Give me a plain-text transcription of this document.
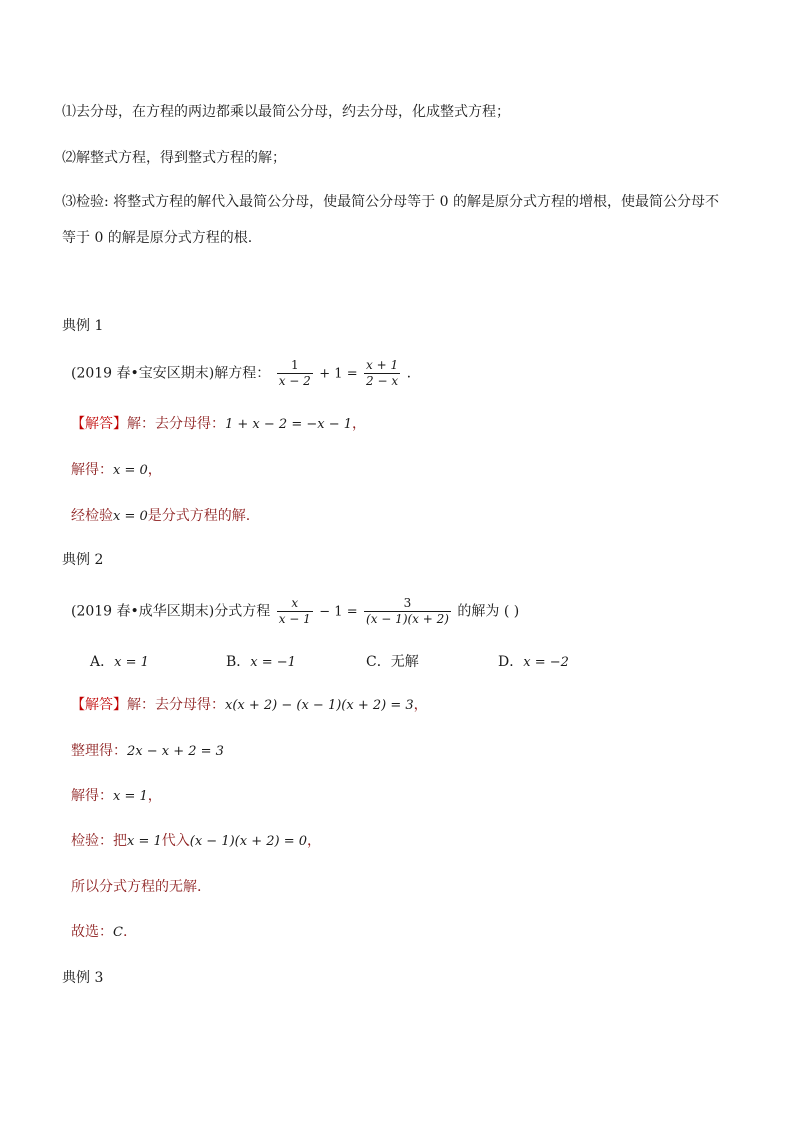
⑴去分母，在方程的两边都乘以最简公分母，约去分母，化成整式方程；
⑵解整式方程，得到整式方程的解；
⑶检验: 将整式方程的解代入最简公分母，使最简公分母等于 0 的解是原分式方程的增根，使最简公分母不
等于 0 的解是原分式方程的根.
典例 1
(2019 春•宝安区期末)解方程： $\frac{1}{x - 2} + 1 = \frac{x + 1}{2 - x}$ .
【解答】解：去分母得：1 + x − 2 = −x − 1，
解得：x = 0，
经检验x = 0是分式方程的解.
典例 2
(2019 春•成华区期末)分式方程 $\frac{x}{x - 1} - 1 = \frac{3}{(x - 1)(x + 2)}$ 的解为 ( )
A．x = 1	B．x = −1	C．无解	D．x = −2
【解答】解：去分母得：x(x + 2) − (x − 1)(x + 2) = 3，
整理得：2x − x + 2 = 3
解得：x = 1，
检验：把x = 1代入(x − 1)(x + 2) = 0，
所以分式方程的无解.
故选：C.
典例 3
